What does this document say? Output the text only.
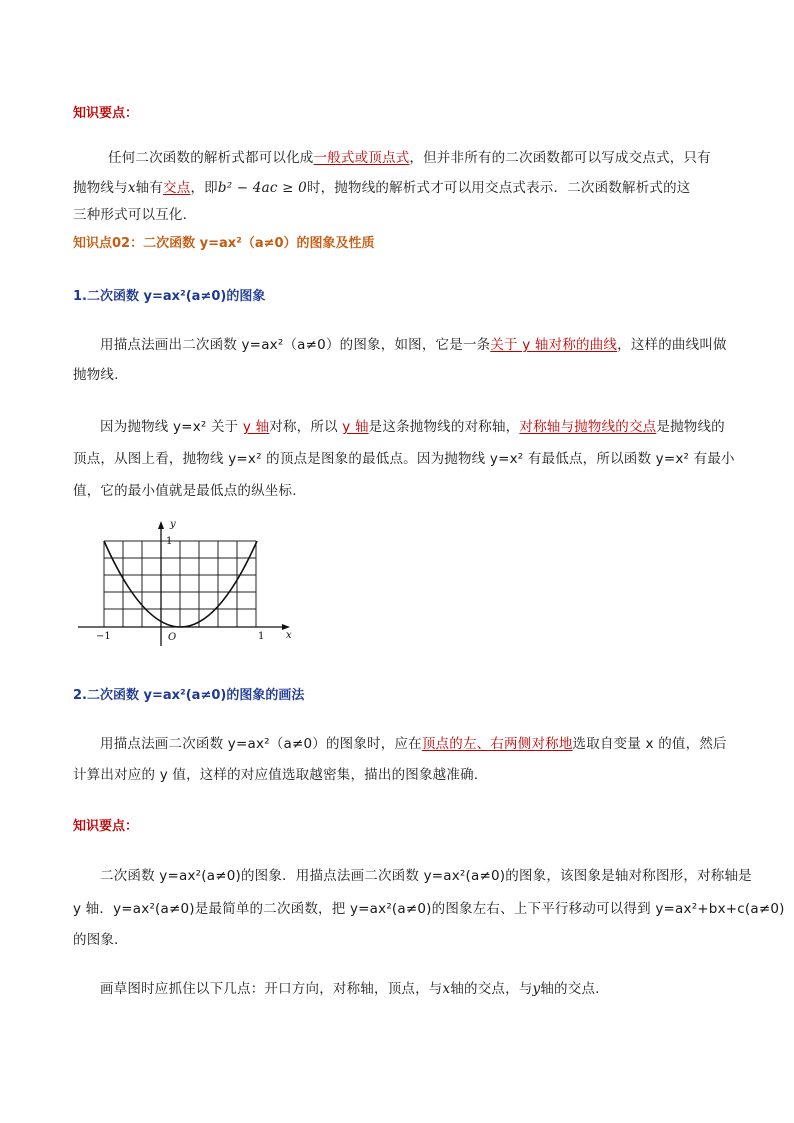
知识要点：
任何二次函数的解析式都可以化成一般式或顶点式，但并非所有的二次函数都可以写成交点式，只有
抛物线与x轴有交点，即b² − 4ac ≥ 0时，抛物线的解析式才可以用交点式表示．二次函数解析式的这
三种形式可以互化.
知识点02：二次函数 y=ax²（a≠0）的图象及性质
1.二次函数 y=ax²(a≠0)的图象
用描点法画出二次函数 y=ax²（a≠0）的图象，如图，它是一条关于 y 轴对称的曲线，这样的曲线叫做
抛物线.
因为抛物线 y=x² 关于 y 轴对称，所以 y 轴是这条抛物线的对称轴，对称轴与抛物线的交点是抛物线的
顶点，从图上看，抛物线 y=x² 的顶点是图象的最低点。因为抛物线 y=x² 有最低点，所以函数 y=x² 有最小
值，它的最小值就是最低点的纵坐标.
y
1
x
−1	1
O
2.二次函数 y=ax²(a≠0)的图象的画法
用描点法画二次函数 y=ax²（a≠0）的图象时，应在顶点的左、右两侧对称地选取自变量 x 的值，然后
计算出对应的 y 值，这样的对应值选取越密集，描出的图象越准确.
知识要点：
二次函数 y=ax²(a≠0)的图象．用描点法画二次函数 y=ax²(a≠0)的图象，该图象是轴对称图形，对称轴是
y 轴．y=ax²(a≠0)是最简单的二次函数，把 y=ax²(a≠0)的图象左右、上下平行移动可以得到 y=ax²+bx+c(a≠0)
的图象．
画草图时应抓住以下几点：开口方向，对称轴，顶点，与x轴的交点，与y轴的交点.
